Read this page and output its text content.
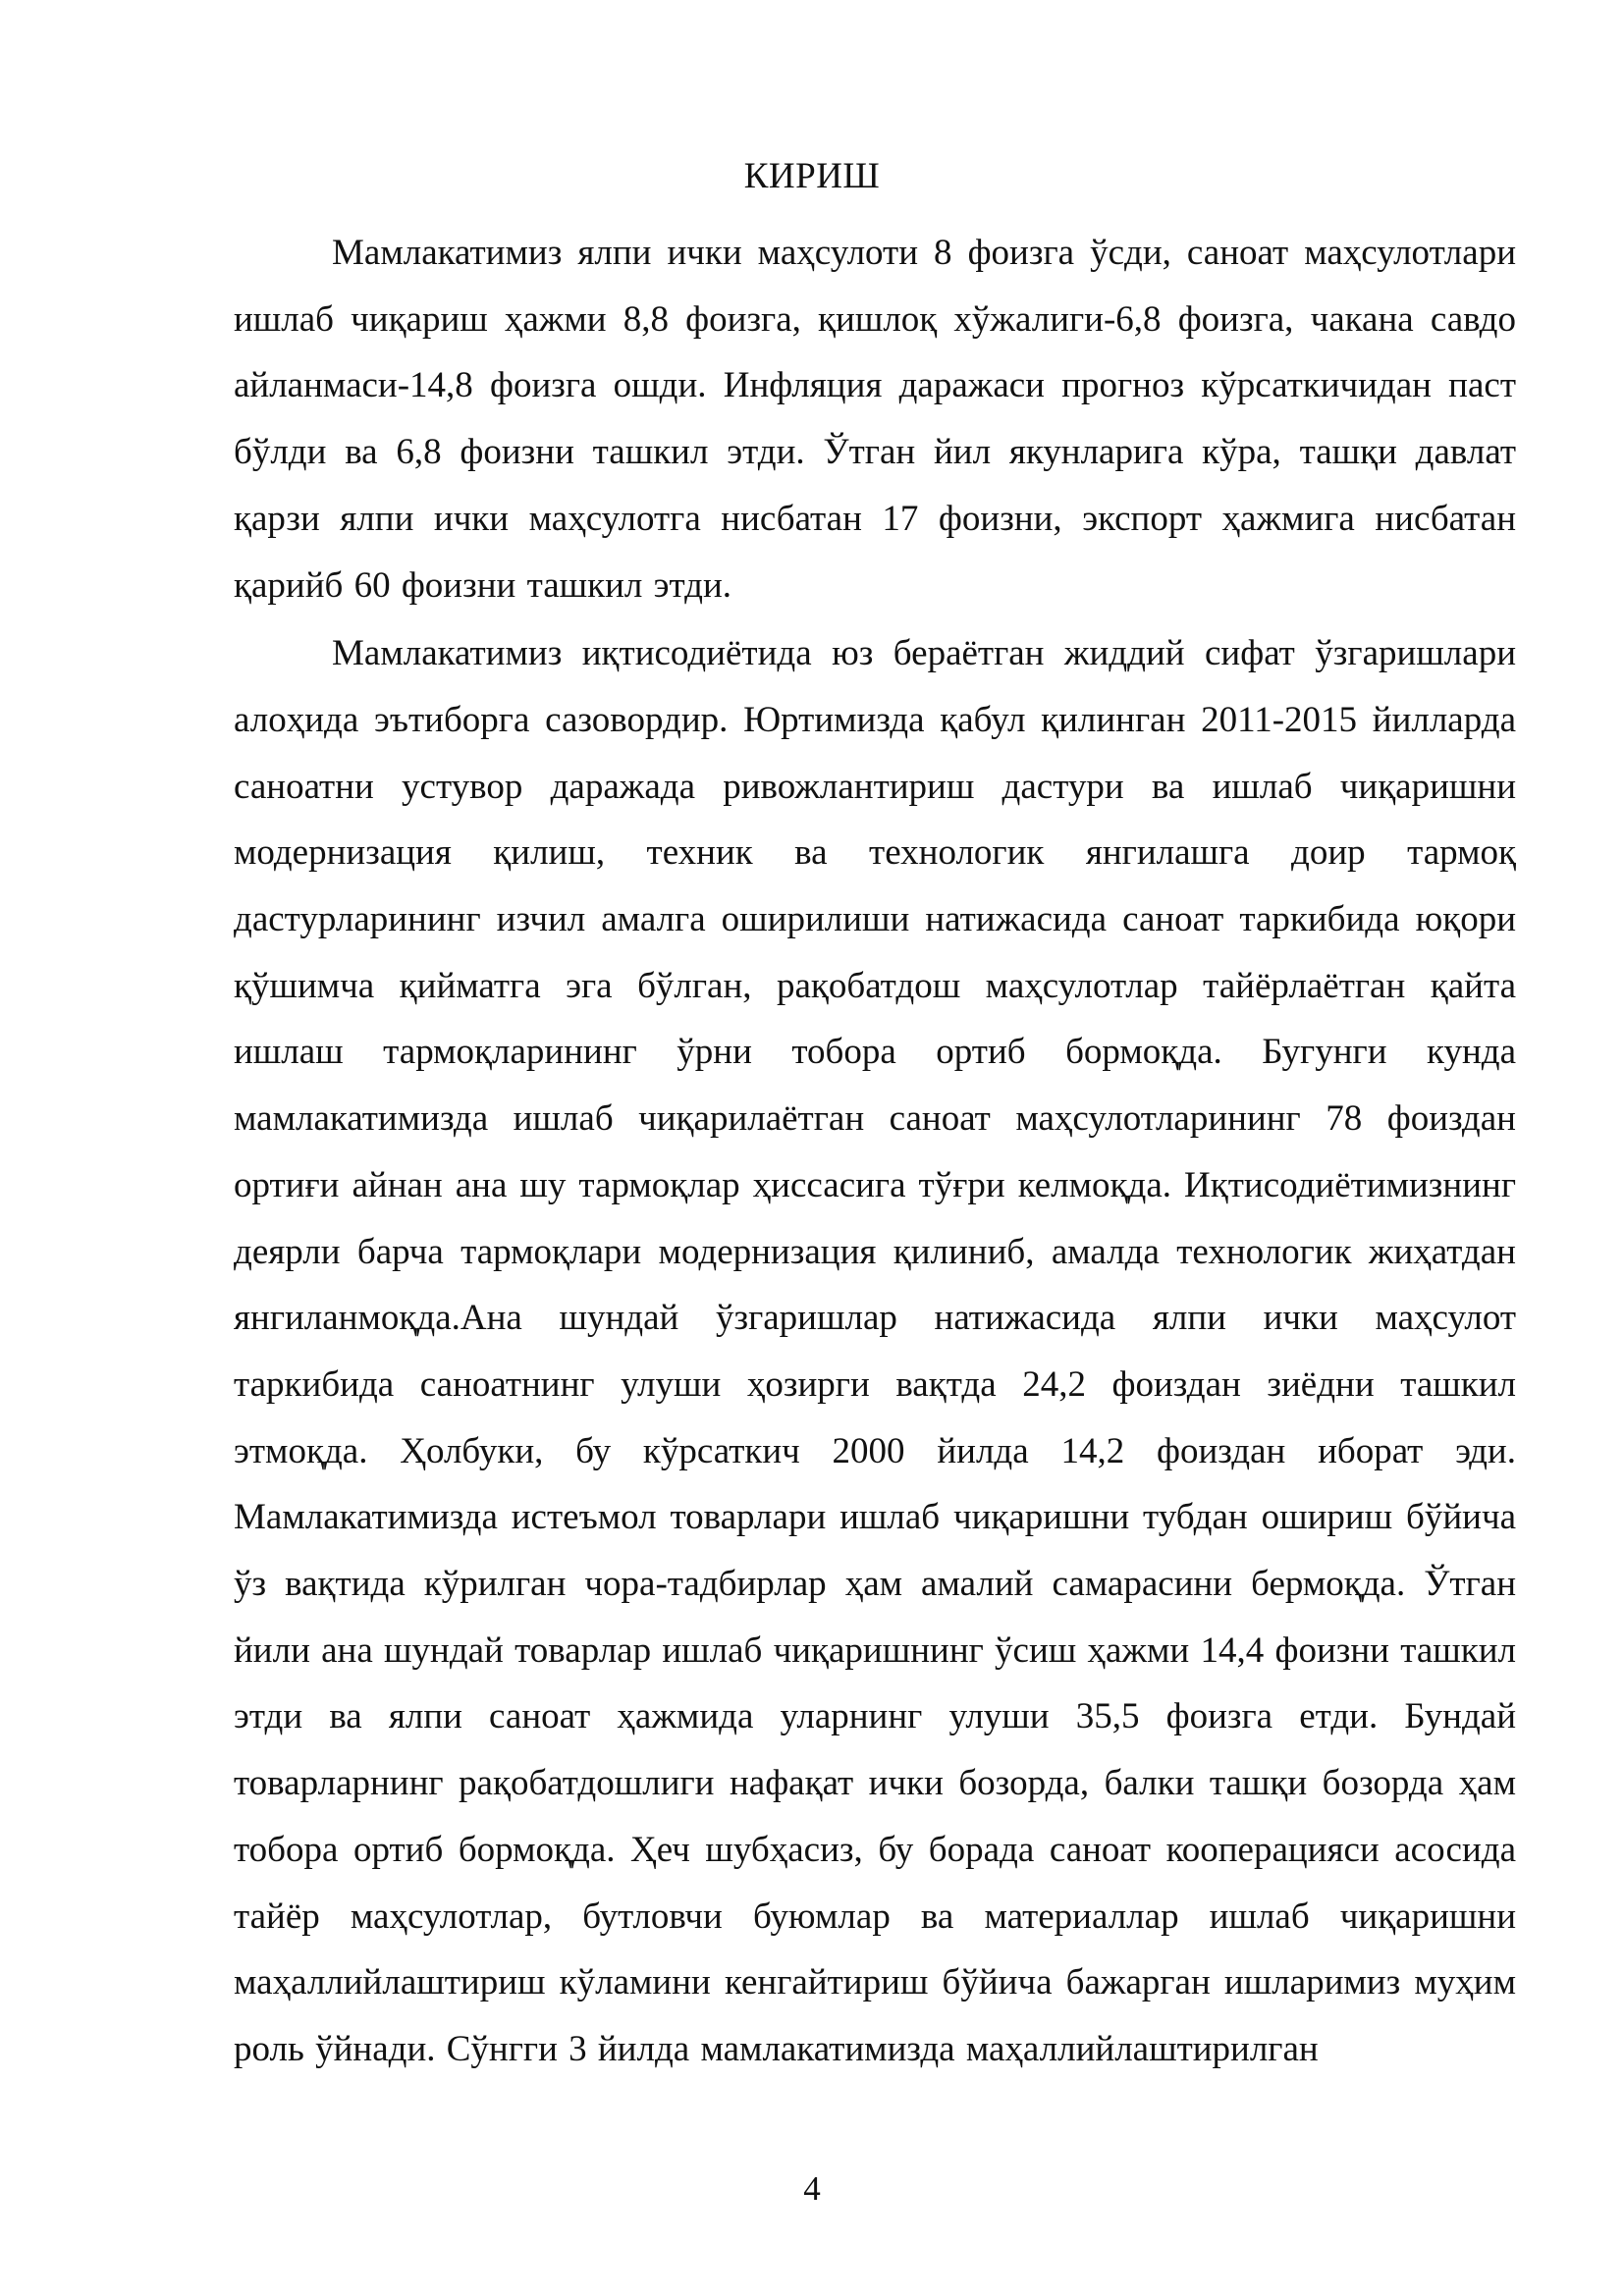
КИРИШ

Мамлакатимиз ялпи ички маҳсулоти 8 фоизга ўсди, саноат маҳсулотлари ишлаб чиқариш ҳажми 8,8 фоизга, қишлоқ хўжалиги-6,8 фоизга, чакана савдо айланмаси-14,8 фоизга ошди. Инфляция даражаси прогноз кўрсаткичидан паст бўлди ва 6,8 фоизни ташкил этди. Ўтган йил якунларига кўра, ташқи давлат қарзи ялпи ички маҳсулотга нисбатан 17 фоизни, экспорт ҳажмига нисбатан қарийб 60 фоизни ташкил этди.

Мамлакатимиз иқтисодиётида юз бераётган жиддий сифат ўзгаришлари алоҳида эътиборга сазовордир. Юртимизда қабул қилинган 2011-2015 йилларда саноатни устувор даражада ривожлантириш дастури ва ишлаб чиқаришни модернизация қилиш, техник ва технологик янгилашга доир тармоқ дастурларининг изчил амалга оширилиши натижасида саноат таркибида юқори қўшимча қийматга эга бўлган, рақобатдош маҳсулотлар тайёрлаётган қайта ишлаш тармоқларининг ўрни тобора ортиб бормоқда. Бугунги кунда мамлакатимизда ишлаб чиқарилаётган саноат маҳсулотларининг 78 фоиздан ортиғи айнан ана шу тармоқлар ҳиссасига тўғри келмоқда. Иқтисодиётимизнинг деярли барча тармоқлари модернизация қилиниб, амалда технологик жиҳатдан янгиланмоқда.Ана шундай ўзгаришлар натижасида ялпи ички маҳсулот таркибида саноатнинг улуши ҳозирги вақтда 24,2 фоиздан зиёдни ташкил этмоқда. Ҳолбуки, бу кўрсаткич 2000 йилда 14,2 фоиздан иборат эди. Мамлакатимизда истеъмол товарлари ишлаб чиқаришни тубдан ошириш бўйича ўз вақтида кўрилган чора-тадбирлар ҳам амалий самарасини бермоқда. Ўтган йили ана шундай товарлар ишлаб чиқаришнинг ўсиш ҳажми 14,4 фоизни ташкил этди ва ялпи саноат ҳажмида уларнинг улуши 35,5 фоизга етди. Бундай товарларнинг рақобатдошлиги нафақат ички бозорда, балки ташқи бозорда ҳам тобора ортиб бормоқда. Ҳеч шубҳасиз, бу борада саноат кооперацияси асосида тайёр маҳсулотлар, бутловчи буюмлар ва материаллар ишлаб чиқаришни маҳаллийлаштириш кўламини кенгайтириш бўйича бажарган ишларимиз муҳим роль ўйнади. Сўнгги 3 йилда мамлакатимизда маҳаллийлаштирилган

4
